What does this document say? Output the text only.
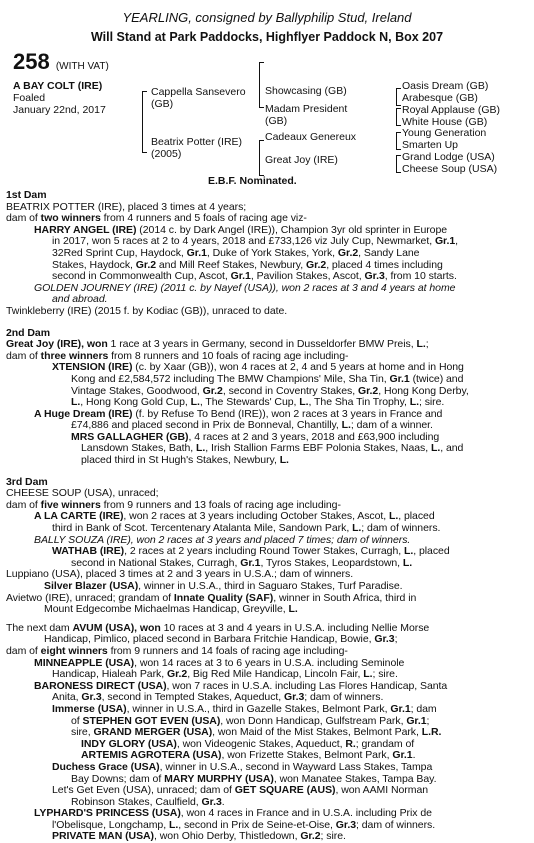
YEARLING, consigned by Ballyphilip Stud, Ireland
Will Stand at Park Paddocks, Highflyer Paddock N, Box 207
258 (WITH VAT)
A BAY COLT (IRE)
Foaled
January 22nd, 2017
Cappella Sansevero
(GB)
Beatrix Potter (IRE)
(2005)
Showcasing (GB)
Madam President
(GB)
Cadeaux Genereux
Great Joy (IRE)
Oasis Dream (GB)
Arabesque (GB)
Royal Applause (GB)
White House (GB)
Young Generation
Smarten Up
Grand Lodge (USA)
Cheese Soup (USA)
E.B.F. Nominated.
1st Dam
BEATRIX POTTER (IRE), placed 3 times at 4 years;
dam of two winners from 4 runners and 5 foals of racing age viz-
HARRY ANGEL (IRE) (2014 c. by Dark Angel (IRE)), Champion 3yr old sprinter in Europe
in 2017, won 5 races at 2 to 4 years, 2018 and £733,126 viz July Cup, Newmarket, Gr.1,
32Red Sprint Cup, Haydock, Gr.1, Duke of York Stakes, York, Gr.2, Sandy Lane
Stakes, Haydock, Gr.2 and Mill Reef Stakes, Newbury, Gr.2, placed 4 times including
second in Commonwealth Cup, Ascot, Gr.1, Pavilion Stakes, Ascot, Gr.3, from 10 starts.
GOLDEN JOURNEY (IRE) (2011 c. by Nayef (USA)), won 2 races at 3 and 4 years at home
and abroad.
Twinkleberry (IRE) (2015 f. by Kodiac (GB)), unraced to date.
2nd Dam
Great Joy (IRE), won 1 race at 3 years in Germany, second in Dusseldorfer BMW Preis, L.;
dam of three winners from 8 runners and 10 foals of racing age including-
XTENSION (IRE) (c. by Xaar (GB)), won 4 races at 2, 4 and 5 years at home and in Hong
Kong and £2,584,572 including The BMW Champions' Mile, Sha Tin, Gr.1 (twice) and
Vintage Stakes, Goodwood, Gr.2, second in Coventry Stakes, Gr.2, Hong Kong Derby,
L., Hong Kong Gold Cup, L., The Stewards' Cup, L., The Sha Tin Trophy, L.; sire.
A Huge Dream (IRE) (f. by Refuse To Bend (IRE)), won 2 races at 3 years in France and
£74,886 and placed second in Prix de Bonneval, Chantilly, L.; dam of a winner.
MRS GALLAGHER (GB), 4 races at 2 and 3 years, 2018 and £63,900 including
Lansdown Stakes, Bath, L., Irish Stallion Farms EBF Polonia Stakes, Naas, L., and
placed third in St Hugh's Stakes, Newbury, L.
3rd Dam
CHEESE SOUP (USA), unraced;
dam of five winners from 9 runners and 13 foals of racing age including-
A LA CARTE (IRE), won 2 races at 3 years including October Stakes, Ascot, L., placed
third in Bank of Scot. Tercentenary Atalanta Mile, Sandown Park, L.; dam of winners.
BALLY SOUZA (IRE), won 2 races at 3 years and placed 7 times; dam of winners.
WATHAB (IRE), 2 races at 2 years including Round Tower Stakes, Curragh, L., placed
second in National Stakes, Curragh, Gr.1, Tyros Stakes, Leopardstown, L.
Luppiano (USA), placed 3 times at 2 and 3 years in U.S.A.; dam of winners.
Silver Blazer (USA), winner in U.S.A., third in Saguaro Stakes, Turf Paradise.
Avietwo (IRE), unraced; grandam of Innate Quality (SAF), winner in South Africa, third in
Mount Edgecombe Michaelmas Handicap, Greyville, L.
The next dam AVUM (USA), won 10 races at 3 and 4 years in U.S.A. including Nellie Morse
Handicap, Pimlico, placed second in Barbara Fritchie Handicap, Bowie, Gr.3;
dam of eight winners from 9 runners and 14 foals of racing age including-
MINNEAPPLE (USA), won 14 races at 3 to 6 years in U.S.A. including Seminole
Handicap, Hialeah Park, Gr.2, Big Red Mile Handicap, Lincoln Fair, L.; sire.
BARONESS DIRECT (USA), won 7 races in U.S.A. including Las Flores Handicap, Santa
Anita, Gr.3, second in Tempted Stakes, Aqueduct, Gr.3; dam of winners.
Immerse (USA), winner in U.S.A., third in Gazelle Stakes, Belmont Park, Gr.1; dam
of STEPHEN GOT EVEN (USA), won Donn Handicap, Gulfstream Park, Gr.1;
sire, GRAND MERGER (USA), won Maid of the Mist Stakes, Belmont Park, L.R.
INDY GLORY (USA), won Videogenic Stakes, Aqueduct, R.; grandam of
ARTEMIS AGROTERA (USA), won Frizette Stakes, Belmont Park, Gr.1.
Duchess Grace (USA), winner in U.S.A., second in Wayward Lass Stakes, Tampa
Bay Downs; dam of MARY MURPHY (USA), won Manatee Stakes, Tampa Bay.
Let's Get Even (USA), unraced; dam of GET SQUARE (AUS), won AAMI Norman
Robinson Stakes, Caulfield, Gr.3.
LYPHARD'S PRINCESS (USA), won 4 races in France and in U.S.A. including Prix de
l'Obelisque, Longchamp, L., second in Prix de Seine-et-Oise, Gr.3; dam of winners.
PRIVATE MAN (USA), won Ohio Derby, Thistledown, Gr.2; sire.
